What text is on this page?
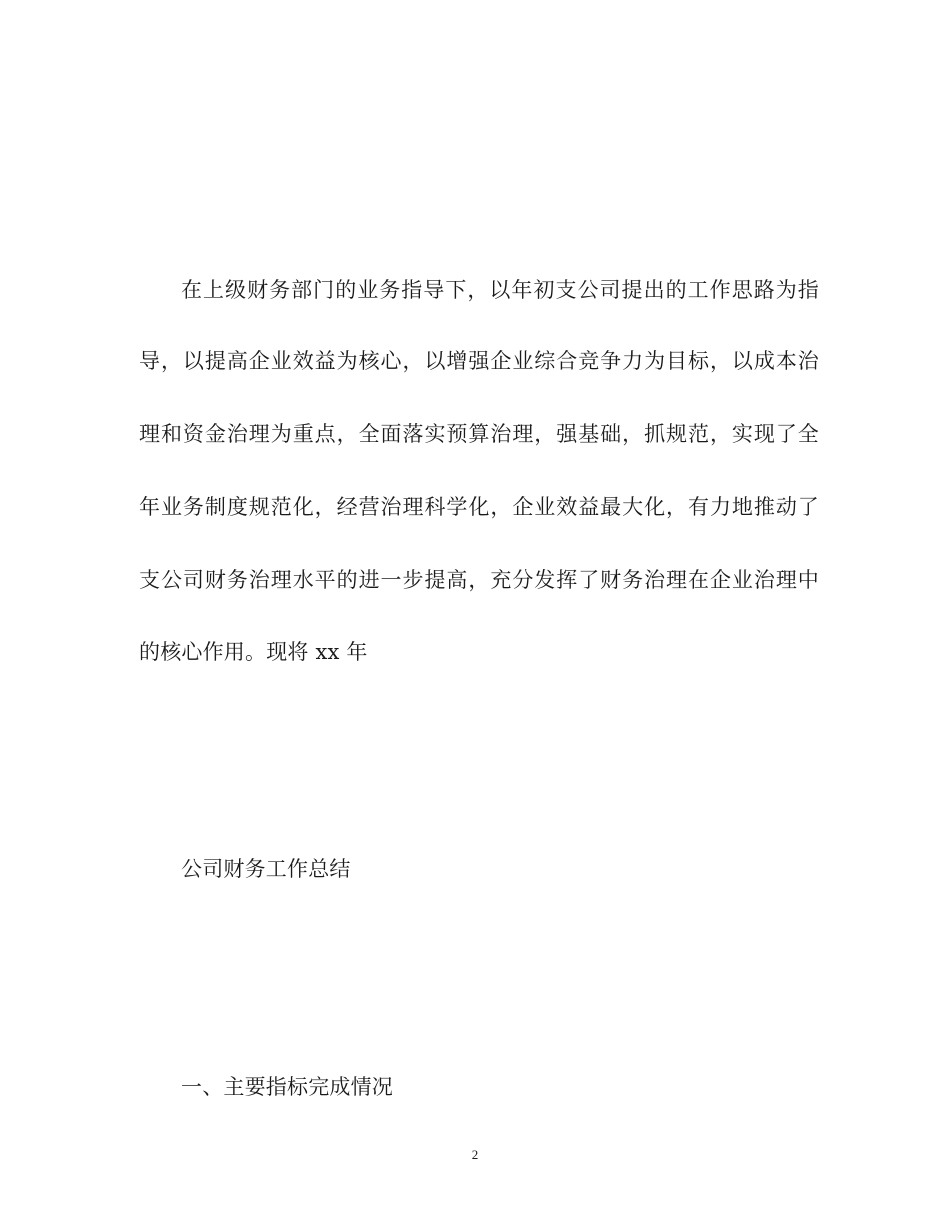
在上级财务部门的业务指导下，以年初支公司提出的工作思路为指
导，以提高企业效益为核心，以增强企业综合竞争力为目标，以成本治
理和资金治理为重点，全面落实预算治理，强基础，抓规范，实现了全
年业务制度规范化，经营治理科学化，企业效益最大化，有力地推动了
支公司财务治理水平的进一步提高，充分发挥了财务治理在企业治理中
的核心作用。现将 xx 年
公司财务工作总结
一、主要指标完成情况
2
